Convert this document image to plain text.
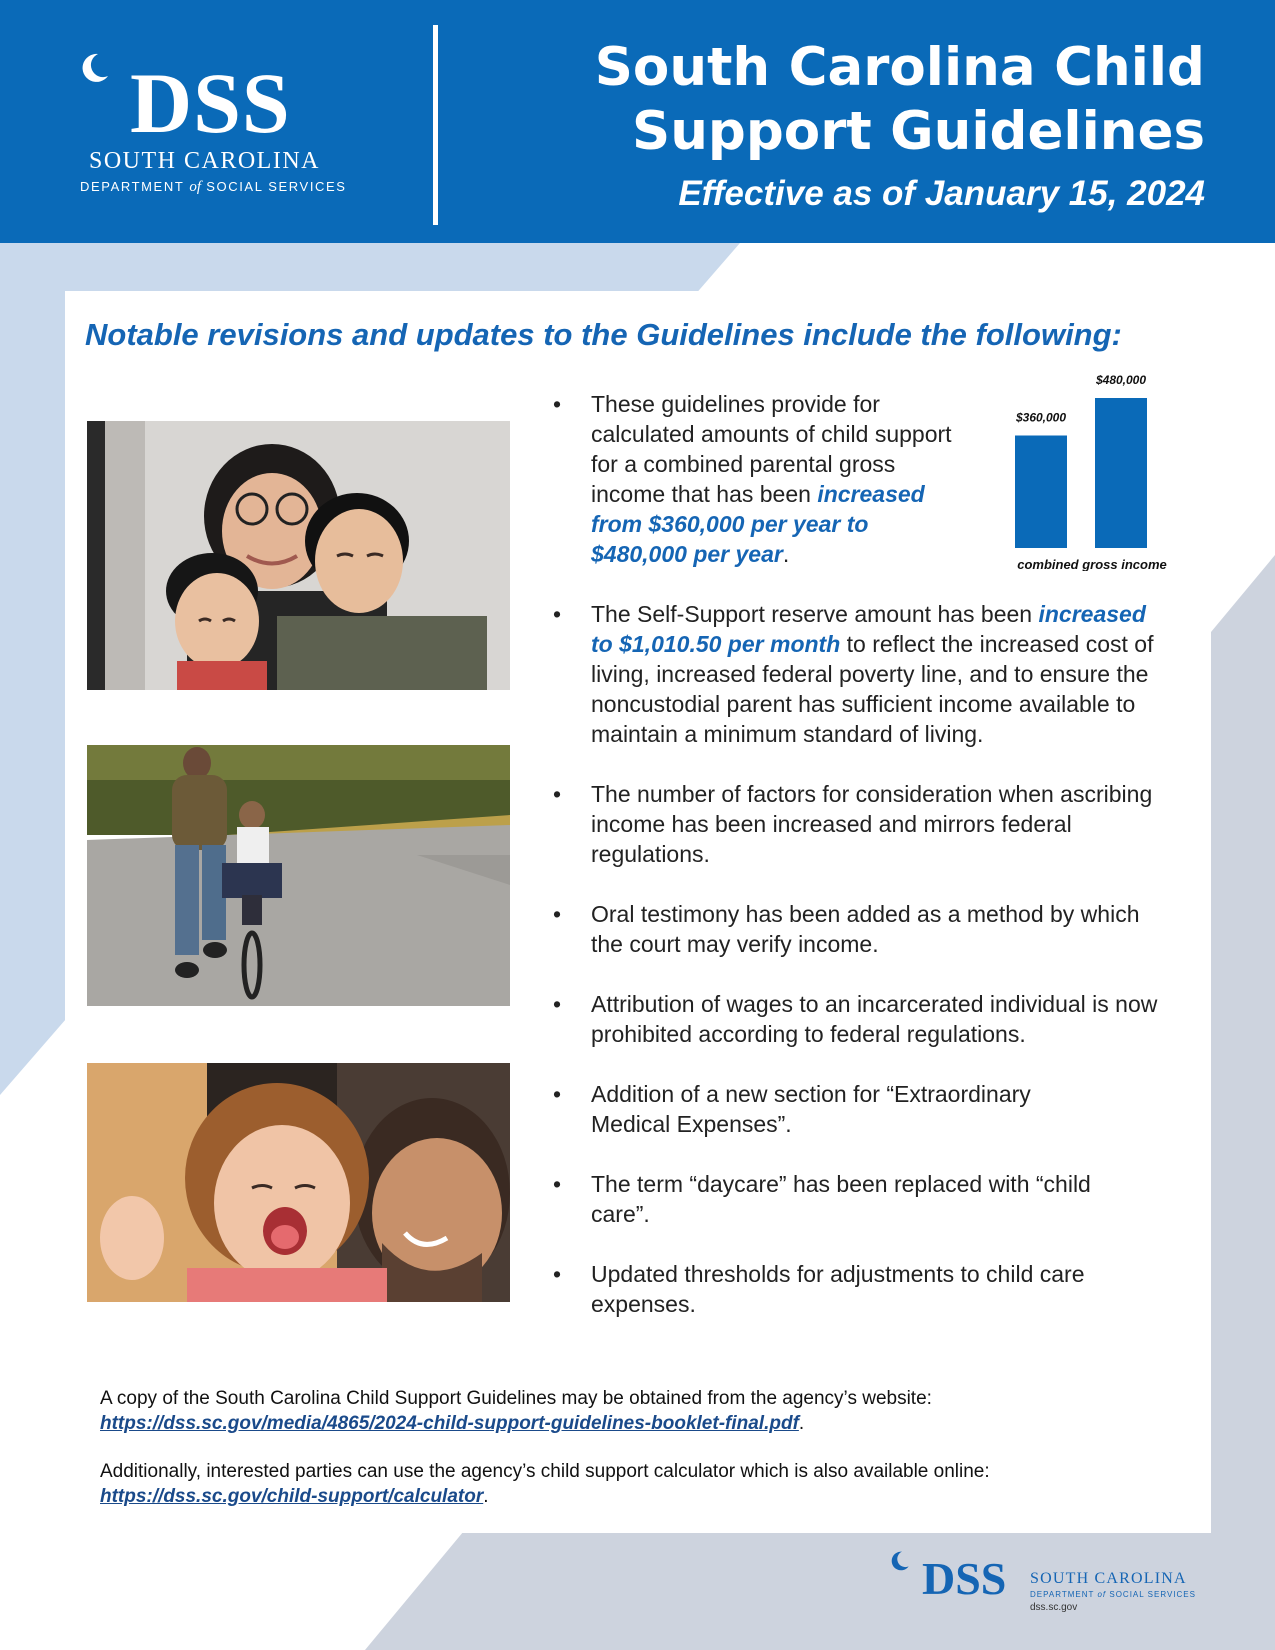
DSS
SOUTH CAROLINA
DEPARTMENT of SOCIAL SERVICES
South Carolina Child
Support Guidelines

Effective as of January 15, 2024

Notable revisions and updates to the Guidelines include the following:
$360,000
$480,000
combined gross income
• These guidelines provide for calculated amounts of child support for a combined parental gross income that has been increased from $360,000 per year to $480,000 per year.
• The Self-Support reserve amount has been increased to $1,010.50 per month to reflect the increased cost of living, increased federal poverty line, and to ensure the noncustodial parent has sufficient income available to maintain a minimum standard of living.
• The number of factors for consideration when ascribing income has been increased and mirrors federal regulations.
• Oral testimony has been added as a method by which the court may verify income.
• Attribution of wages to an incarcerated individual is now prohibited according to federal regulations.
• Addition of a new section for “Extraordinary Medical Expenses”.
• The term “daycare” has been replaced with “child care”.
• Updated thresholds for adjustments to child care expenses.

A copy of the South Carolina Child Support Guidelines may be obtained from the agency’s website:
https://dss.sc.gov/media/4865/2024-child-support-guidelines-booklet-final.pdf.

Additionally, interested parties can use the agency’s child support calculator which is also available online:
https://dss.sc.gov/child-support/calculator.

DSS SOUTH CAROLINA
DEPARTMENT of SOCIAL SERVICES
dss.sc.gov
